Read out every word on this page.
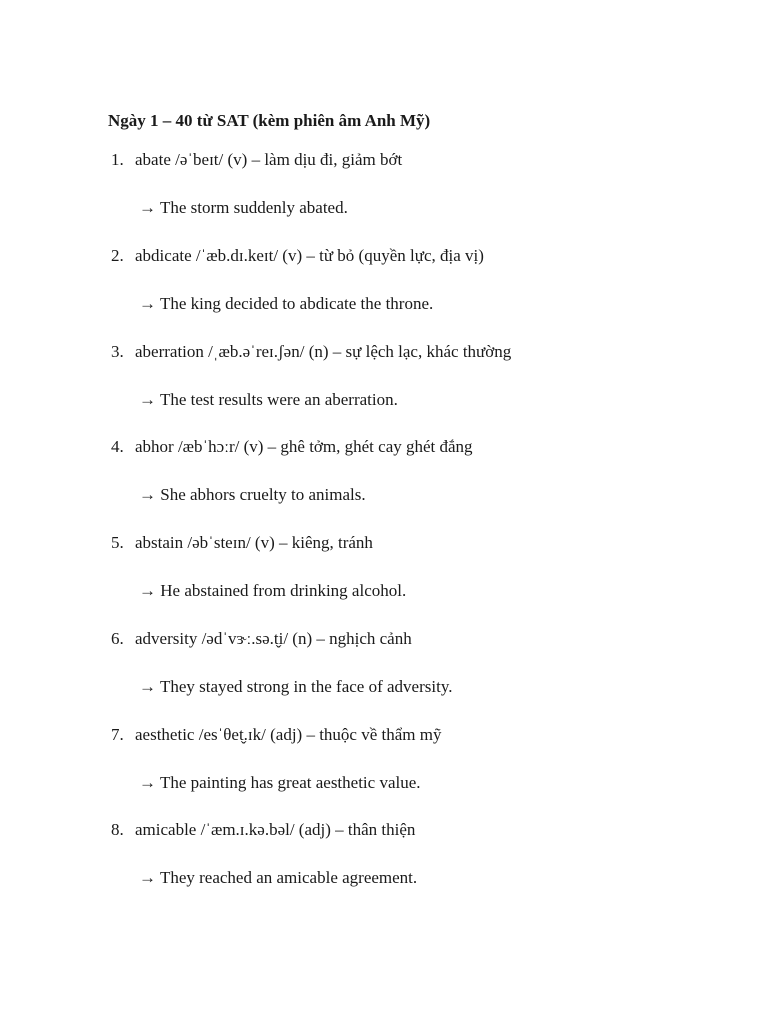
Ngày 1 – 40 từ SAT (kèm phiên âm Anh Mỹ)
1. abate /əˈbeɪt/ (v) – làm dịu đi, giảm bớt
→ The storm suddenly abated.
2. abdicate /ˈæb.dɪ.keɪt/ (v) – từ bỏ (quyền lực, địa vị)
→ The king decided to abdicate the throne.
3. aberration /ˌæb.əˈreɪ.ʃən/ (n) – sự lệch lạc, khác thường
→ The test results were an aberration.
4. abhor /æbˈhɔːr/ (v) – ghê tởm, ghét cay ghét đắng
→ She abhors cruelty to animals.
5. abstain /əbˈsteɪn/ (v) – kiêng, tránh
→ He abstained from drinking alcohol.
6. adversity /ədˈvɝː.sə.t̬i/ (n) – nghịch cảnh
→ They stayed strong in the face of adversity.
7. aesthetic /esˈθet̬.ɪk/ (adj) – thuộc về thẩm mỹ
→ The painting has great aesthetic value.
8. amicable /ˈæm.ɪ.kə.bəl/ (adj) – thân thiện
→ They reached an amicable agreement.
